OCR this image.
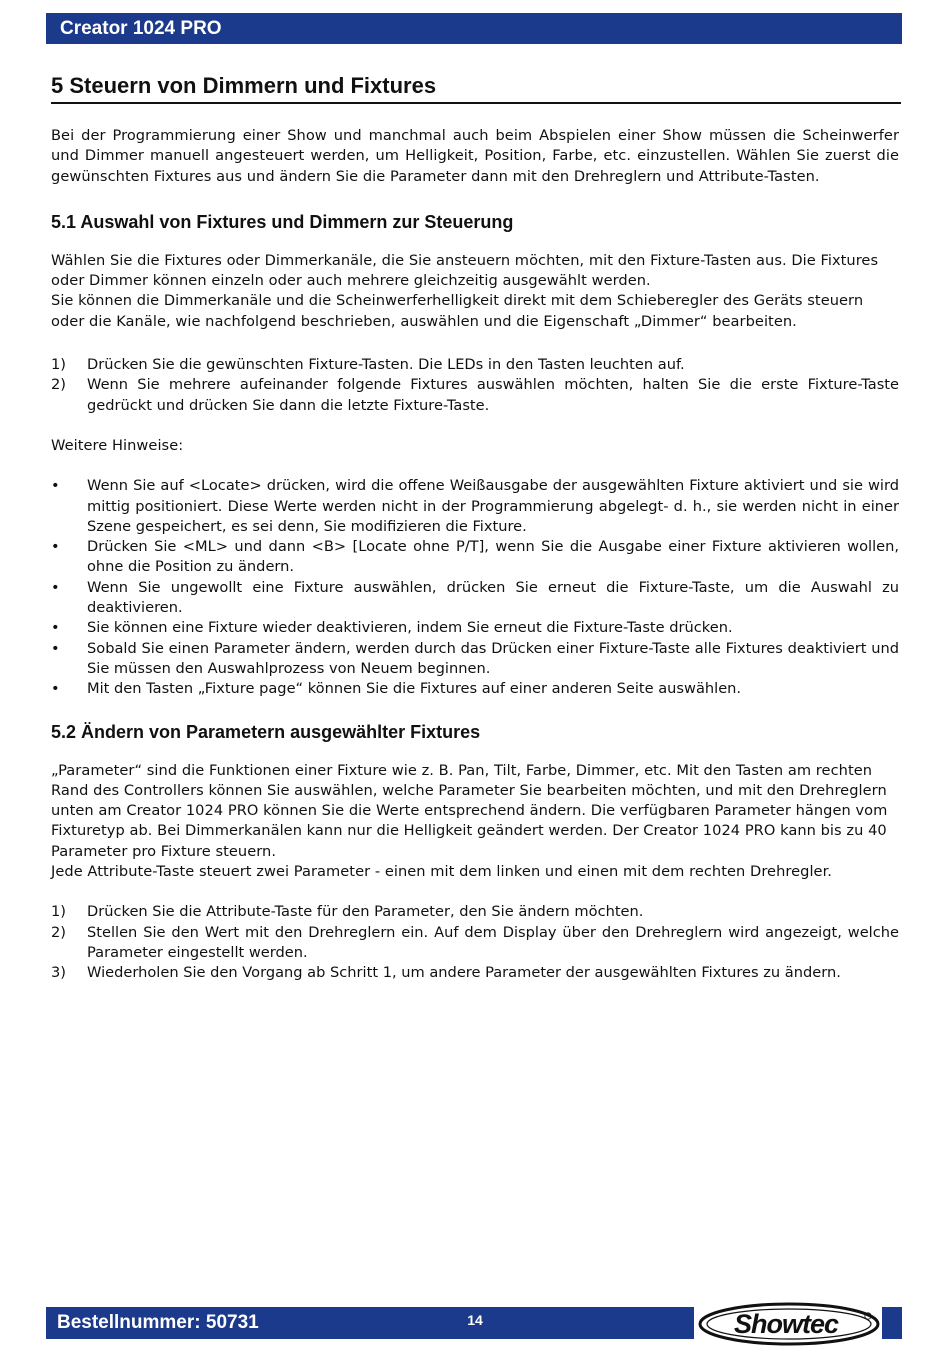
Creator 1024 PRO
5 Steuern von Dimmern und Fixtures

Bei der Programmierung einer Show und manchmal auch beim Abspielen einer Show müssen die Scheinwerfer und Dimmer manuell angesteuert werden, um Helligkeit, Position, Farbe, etc. einzustellen. Wählen Sie zuerst die gewünschten Fixtures aus und ändern Sie die Parameter dann mit den Drehreglern und Attribute-Tasten.

5.1 Auswahl von Fixtures und Dimmern zur Steuerung

Wählen Sie die Fixtures oder Dimmerkanäle, die Sie ansteuern möchten, mit den Fixture-Tasten aus. Die Fixtures oder Dimmer können einzeln oder auch mehrere gleichzeitig ausgewählt werden.

Sie können die Dimmerkanäle und die Scheinwerferhelligkeit direkt mit dem Schieberegler des Geräts steuern oder die Kanäle, wie nachfolgend beschrieben, auswählen und die Eigenschaft „Dimmer“ bearbeiten.

1) Drücken Sie die gewünschten Fixture-Tasten. Die LEDs in den Tasten leuchten auf.
2) Wenn Sie mehrere aufeinander folgende Fixtures auswählen möchten, halten Sie die erste Fixture-Taste gedrückt und drücken Sie dann die letzte Fixture-Taste.

Weitere Hinweise:

• Wenn Sie auf <Locate> drücken, wird die offene Weißausgabe der ausgewählten Fixture aktiviert und sie wird mittig positioniert. Diese Werte werden nicht in der Programmierung abgelegt- d. h., sie werden nicht in einer Szene gespeichert, es sei denn, Sie modifizieren die Fixture.
• Drücken Sie <ML> und dann <B> [Locate ohne P/T], wenn Sie die Ausgabe einer Fixture aktivieren wollen, ohne die Position zu ändern.
• Wenn Sie ungewollt eine Fixture auswählen, drücken Sie erneut die Fixture-Taste, um die Auswahl zu deaktivieren.
• Sie können eine Fixture wieder deaktivieren, indem Sie erneut die Fixture-Taste drücken.
• Sobald Sie einen Parameter ändern, werden durch das Drücken einer Fixture-Taste alle Fixtures deaktiviert und Sie müssen den Auswahlprozess von Neuem beginnen.
• Mit den Tasten „Fixture page“ können Sie die Fixtures auf einer anderen Seite auswählen.
5.2 Ändern von Parametern ausgewählter Fixtures

„Parameter“ sind die Funktionen einer Fixture wie z. B. Pan, Tilt, Farbe, Dimmer, etc. Mit den Tasten am rechten Rand des Controllers können Sie auswählen, welche Parameter Sie bearbeiten möchten, und mit den Drehreglern unten am Creator 1024 PRO können Sie die Werte entsprechend ändern. Die verfügbaren Parameter hängen vom Fixturetyp ab. Bei Dimmerkanälen kann nur die Helligkeit geändert werden. Der Creator 1024 PRO kann bis zu 40 Parameter pro Fixture steuern.

Jede Attribute-Taste steuert zwei Parameter - einen mit dem linken und einen mit dem rechten Drehregler.

1) Drücken Sie die Attribute-Taste für den Parameter, den Sie ändern möchten.
2) Stellen Sie den Wert mit den Drehreglern ein. Auf dem Display über den Drehreglern wird angezeigt, welche Parameter eingestellt werden.
3) Wiederholen Sie den Vorgang ab Schritt 1, um andere Parameter der ausgewählten Fixtures zu ändern.
Bestellnummer: 50731	14	Showtec
